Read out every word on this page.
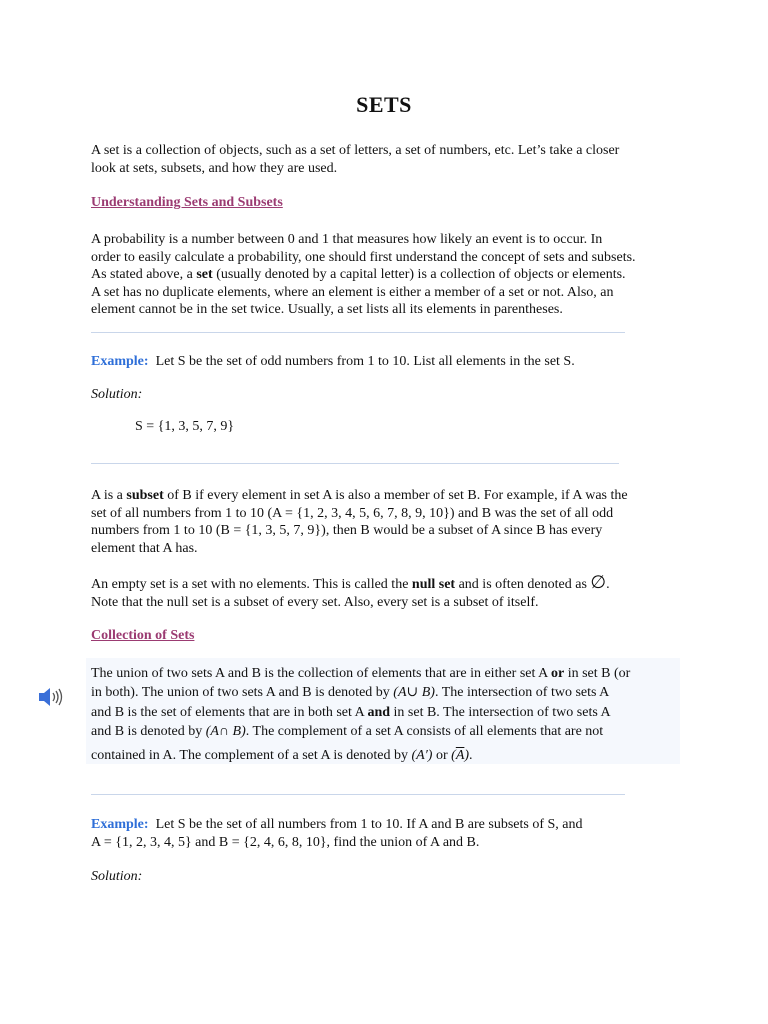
SETS
A set is a collection of objects, such as a set of letters, a set of numbers, etc. Let’s take a closer
look at sets, subsets, and how they are used.
Understanding Sets and Subsets
A probability is a number between 0 and 1 that measures how likely an event is to occur. In
order to easily calculate a probability, one should first understand the concept of sets and subsets.
As stated above, a set (usually denoted by a capital letter) is a collection of objects or elements.
A set has no duplicate elements, where an element is either a member of a set or not. Also, an
element cannot be in the set twice. Usually, a set lists all its elements in parentheses.
Example: Let S be the set of odd numbers from 1 to 10. List all elements in the set S.
Solution:
S = {1, 3, 5, 7, 9}
A is a subset of B if every element in set A is also a member of set B. For example, if A was the
set of all numbers from 1 to 10 (A = {1, 2, 3, 4, 5, 6, 7, 8, 9, 10}) and B was the set of all odd
numbers from 1 to 10 (B = {1, 3, 5, 7, 9}), then B would be a subset of A since B has every
element that A has.
An empty set is a set with no elements. This is called the null set and is often denoted as ∅.
Note that the null set is a subset of every set. Also, every set is a subset of itself.
Collection of Sets
The union of two sets A and B is the collection of elements that are in either set A or in set B (or
in both). The union of two sets A and B is denoted by (A∪ B). The intersection of two sets A
and B is the set of elements that are in both set A and in set B. The intersection of two sets A
and B is denoted by (A∩ B). The complement of a set A consists of all elements that are not
contained in A. The complement of a set A is denoted by (A′) or $(\overline{A})$.
Example: Let S be the set of all numbers from 1 to 10. If A and B are subsets of S, and
A = {1, 2, 3, 4, 5} and B = {2, 4, 6, 8, 10}, find the union of A and B.
Solution:
